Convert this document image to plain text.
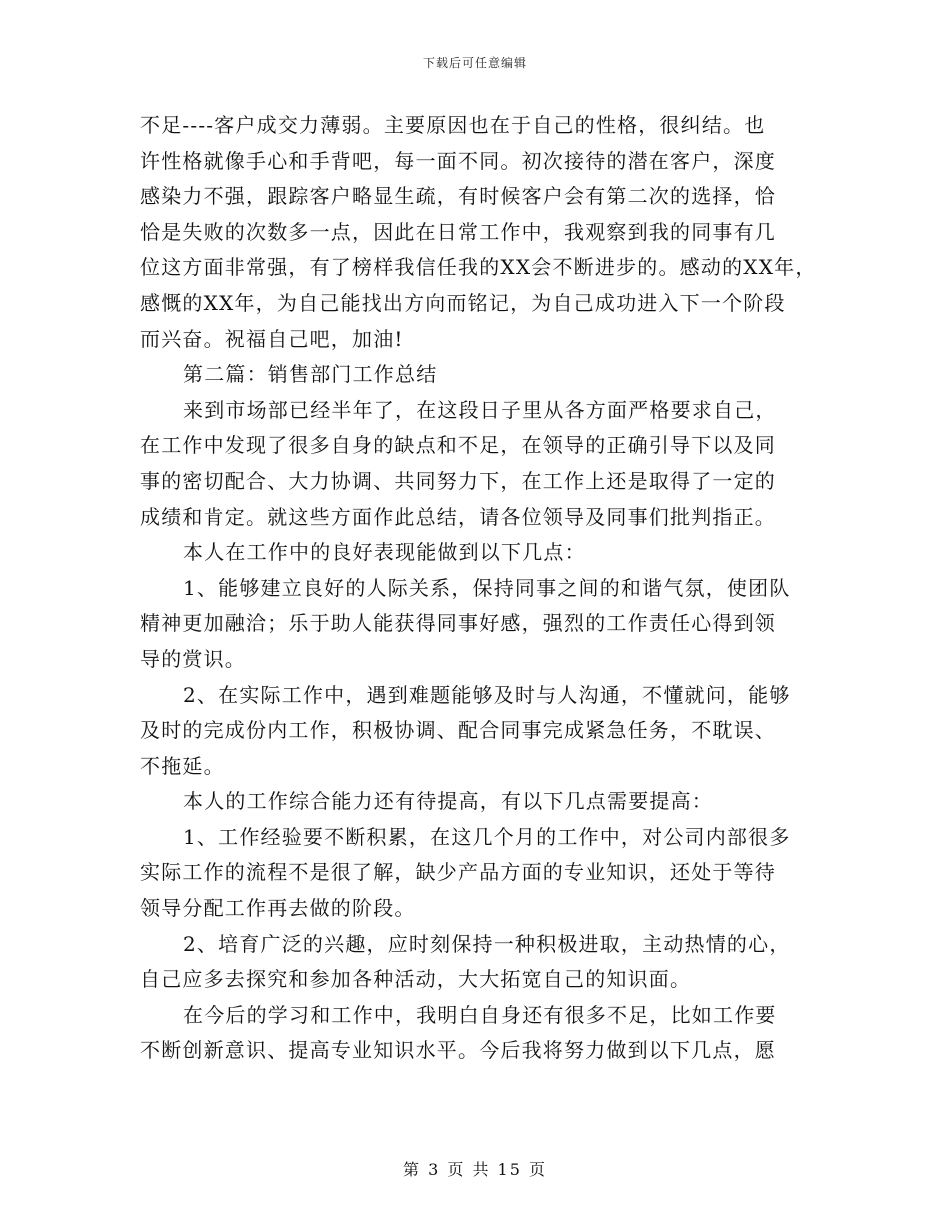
下载后可任意编辑
不足----客户成交力薄弱。主要原因也在于自己的性格，很纠结。也
许性格就像手心和手背吧，每一面不同。初次接待的潜在客户，深度
感染力不强，跟踪客户略显生疏，有时候客户会有第二次的选择，恰
恰是失败的次数多一点，因此在日常工作中，我观察到我的同事有几
位这方面非常强，有了榜样我信任我的XX会不断进步的。感动的XX年，
感慨的XX年，为自己能找出方向而铭记，为自己成功进入下一个阶段
而兴奋。祝福自己吧，加油!
第二篇：销售部门工作总结
来到市场部已经半年了，在这段日子里从各方面严格要求自己，
在工作中发现了很多自身的缺点和不足，在领导的正确引导下以及同
事的密切配合、大力协调、共同努力下，在工作上还是取得了一定的
成绩和肯定。就这些方面作此总结，请各位领导及同事们批判指正。
本人在工作中的良好表现能做到以下几点：
1、能够建立良好的人际关系，保持同事之间的和谐气氛，使团队
精神更加融洽；乐于助人能获得同事好感，强烈的工作责任心得到领
导的赏识。
2、在实际工作中，遇到难题能够及时与人沟通，不懂就问，能够
及时的完成份内工作，积极协调、配合同事完成紧急任务，不耽误、
不拖延。
本人的工作综合能力还有待提高，有以下几点需要提高：
1、工作经验要不断积累，在这几个月的工作中，对公司内部很多
实际工作的流程不是很了解，缺少产品方面的专业知识，还处于等待
领导分配工作再去做的阶段。
2、培育广泛的兴趣，应时刻保持一种积极进取，主动热情的心，
自己应多去探究和参加各种活动，大大拓宽自己的知识面。
在今后的学习和工作中，我明白自身还有很多不足，比如工作要
不断创新意识、提高专业知识水平。今后我将努力做到以下几点，愿
第 3 页 共 15 页
